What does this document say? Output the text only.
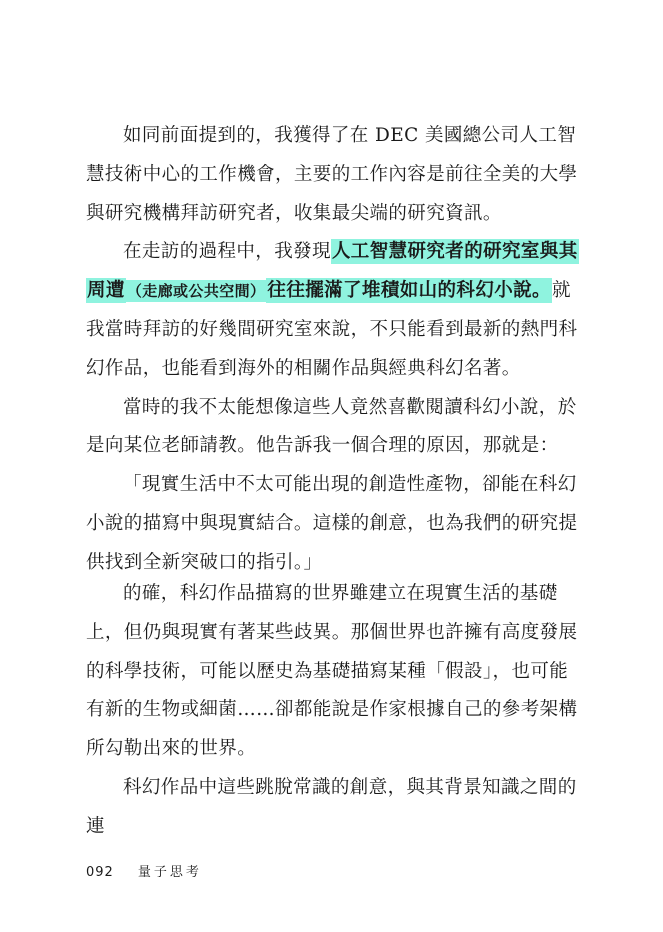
如同前面提到的，我獲得了在 DEC 美國總公司人工智慧技術中心的工作機會，主要的工作內容是前往全美的大學與研究機構拜訪研究者，收集最尖端的研究資訊。

在走訪的過程中，我發現人工智慧研究者的研究室與其周遭 （走廊或公共空間） 往往擺滿了堆積如山的科幻小說。就我當時拜訪的好幾間研究室來說，不只能看到最新的熱門科幻作品，也能看到海外的相關作品與經典科幻名著。

當時的我不太能想像這些人竟然喜歡閱讀科幻小說，於是向某位老師請教。他告訴我一個合理的原因，那就是：

「現實生活中不太可能出現的創造性產物，卻能在科幻小說的描寫中與現實結合。這樣的創意，也為我們的研究提供找到全新突破口的指引。」

的確，科幻作品描寫的世界雖建立在現實生活的基礎上，但仍與現實有著某些歧異。那個世界也許擁有高度發展的科學技術，可能以歷史為基礎描寫某種「假設」，也可能有新的生物或細菌……卻都能說是作家根據自己的參考架構所勾勒出來的世界。

科幻作品中這些跳脫常識的創意，與其背景知識之間的連

092 量子思考
